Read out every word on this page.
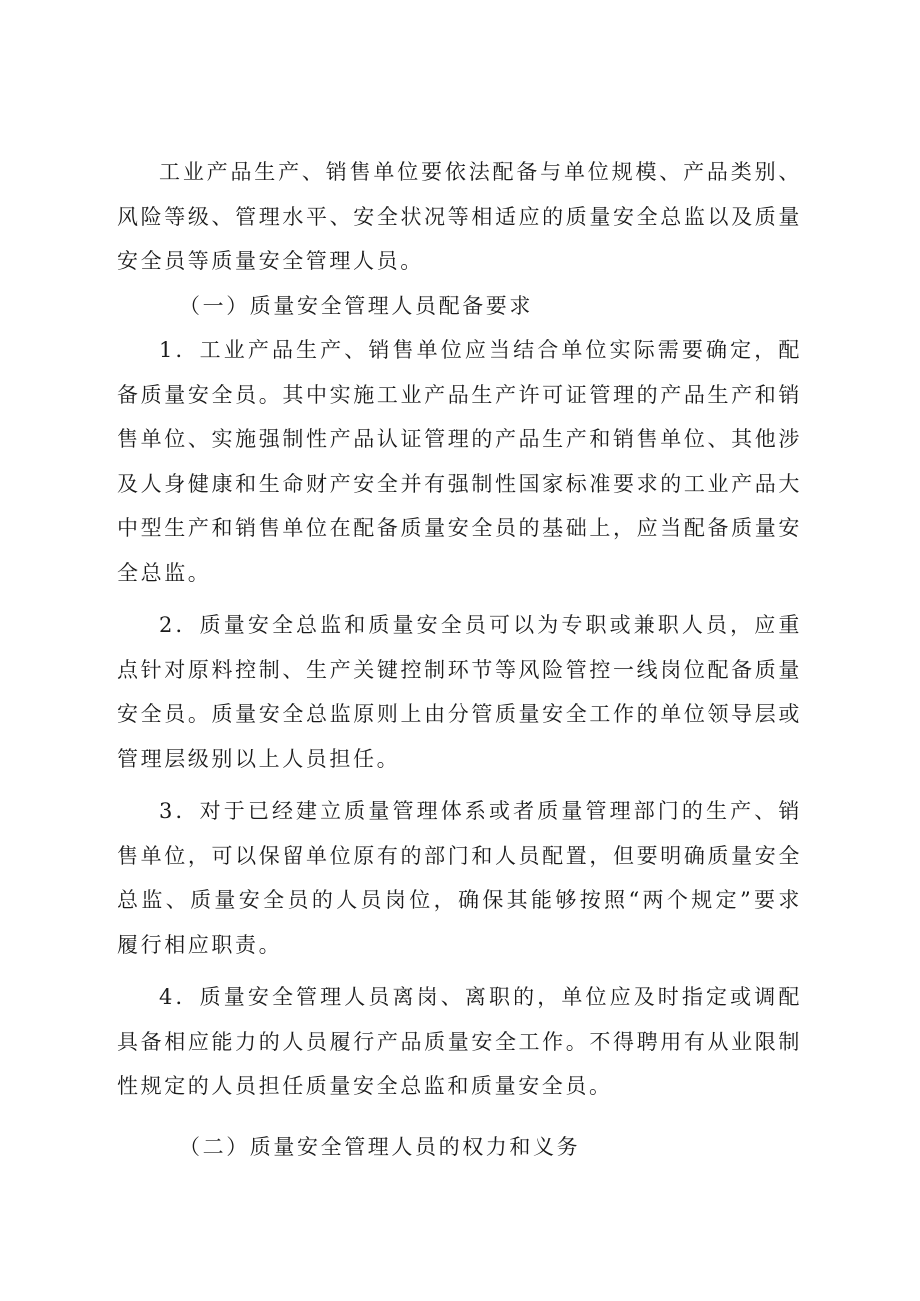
工业产品生产、销售单位要依法配备与单位规模、产品类别、风险等级、管理水平、安全状况等相适应的质量安全总监以及质量安全员等质量安全管理人员。

（一）质量安全管理人员配备要求

1．工业产品生产、销售单位应当结合单位实际需要确定，配备质量安全员。其中实施工业产品生产许可证管理的产品生产和销售单位、实施强制性产品认证管理的产品生产和销售单位、其他涉及人身健康和生命财产安全并有强制性国家标准要求的工业产品大中型生产和销售单位在配备质量安全员的基础上，应当配备质量安全总监。

2．质量安全总监和质量安全员可以为专职或兼职人员，应重点针对原料控制、生产关键控制环节等风险管控一线岗位配备质量安全员。质量安全总监原则上由分管质量安全工作的单位领导层或管理层级别以上人员担任。

3．对于已经建立质量管理体系或者质量管理部门的生产、销售单位，可以保留单位原有的部门和人员配置，但要明确质量安全总监、质量安全员的人员岗位，确保其能够按照“两个规定”要求履行相应职责。

4．质量安全管理人员离岗、离职的，单位应及时指定或调配具备相应能力的人员履行产品质量安全工作。不得聘用有从业限制性规定的人员担任质量安全总监和质量安全员。

（二）质量安全管理人员的权力和义务
